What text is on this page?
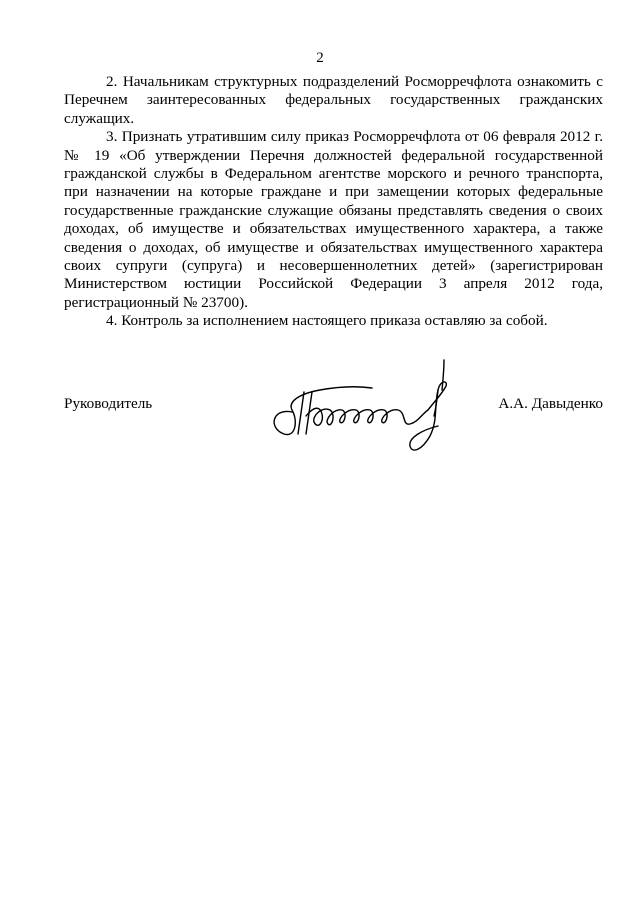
2

2. Начальникам структурных подразделений Росморречфлота ознакомить с Перечнем заинтересованных федеральных государственных гражданских служащих.

3. Признать утратившим силу приказ Росморречфлота от 06 февраля 2012 г. № 19 «Об утверждении Перечня должностей федеральной государственной гражданской службы в Федеральном агентстве морского и речного транспорта, при назначении на которые граждане и при замещении которых федеральные государственные гражданские служащие обязаны представлять сведения о своих доходах, об имуществе и обязательствах имущественного характера, а также сведения о доходах, об имуществе и обязательствах имущественного характера своих супруги (супруга) и несовершеннолетних детей» (зарегистрирован Министерством юстиции Российской Федерации 3 апреля 2012 года, регистрационный № 23700).

4. Контроль за исполнением настоящего приказа оставляю за собой.

Руководитель	А.А. Давыденко
